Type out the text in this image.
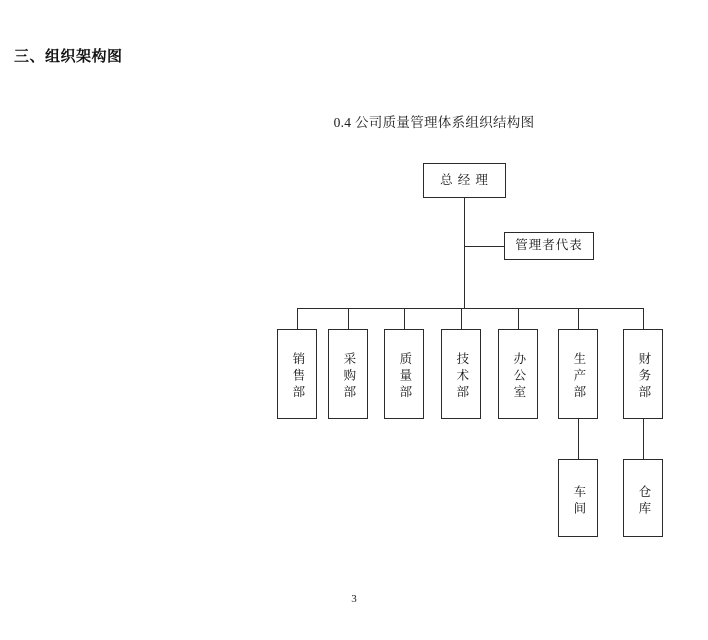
三、组织架构图
0.4 公司质量管理体系组织结构图
总 经 理
管理者代表
销售部	采购部	质量部	技术部	办公室	生产部	财务部
车间	仓库
3
